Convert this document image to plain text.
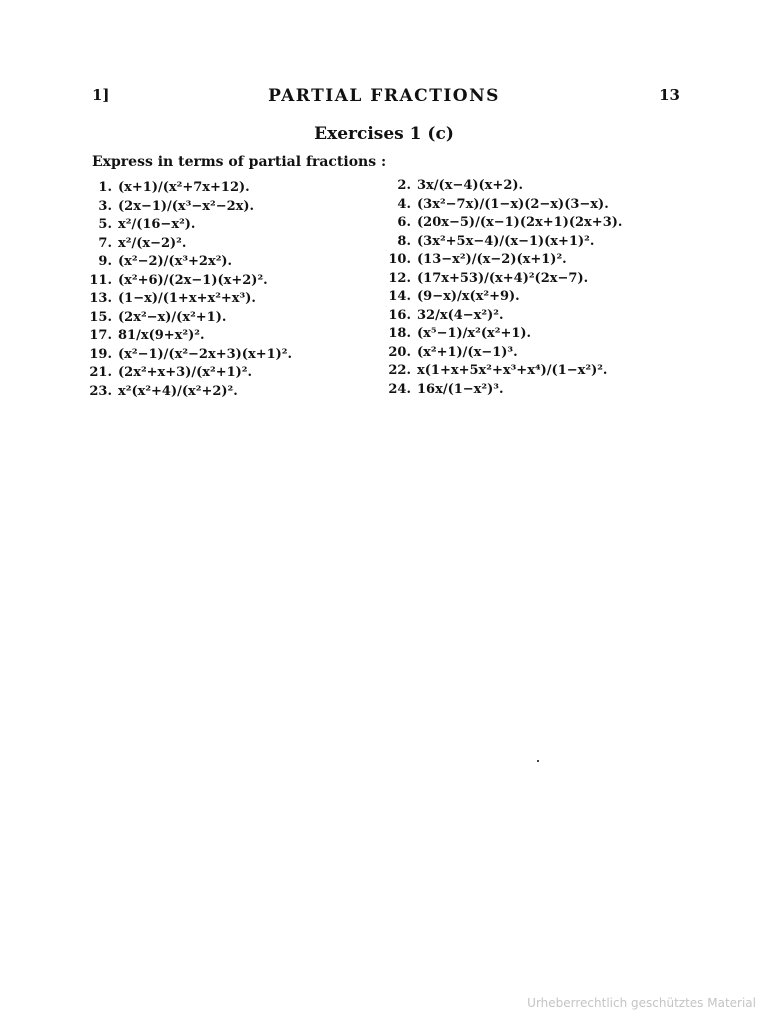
1]	PARTIAL FRACTIONS	13
Exercises 1 (c)
Express in terms of partial fractions :
1. (x+1)/(x²+7x+12).
3. (2x−1)/(x³−x²−2x).
5. x²/(16−x²).
7. x²/(x−2)².
9. (x²−2)/(x³+2x²).
11. (x²+6)/(2x−1)(x+2)².
13. (1−x)/(1+x+x²+x³).
15. (2x²−x)/(x²+1).
17. 81/x(9+x²)².
19. (x²−1)/(x²−2x+3)(x+1)².
21. (2x²+x+3)/(x²+1)².
23. x²(x²+4)/(x²+2)².
2. 3x/(x−4)(x+2).
4. (3x²−7x)/(1−x)(2−x)(3−x).
6. (20x−5)/(x−1)(2x+1)(2x+3).
8. (3x²+5x−4)/(x−1)(x+1)².
10. (13−x²)/(x−2)(x+1)².
12. (17x+53)/(x+4)²(2x−7).
14. (9−x)/x(x²+9).
16. 32/x(4−x²)².
18. (x⁵−1)/x²(x²+1).
20. (x²+1)/(x−1)³.
22. x(1+x+5x²+x³+x⁴)/(1−x²)².
24. 16x/(1−x²)³.
Urheberrechtlich geschütztes Material
